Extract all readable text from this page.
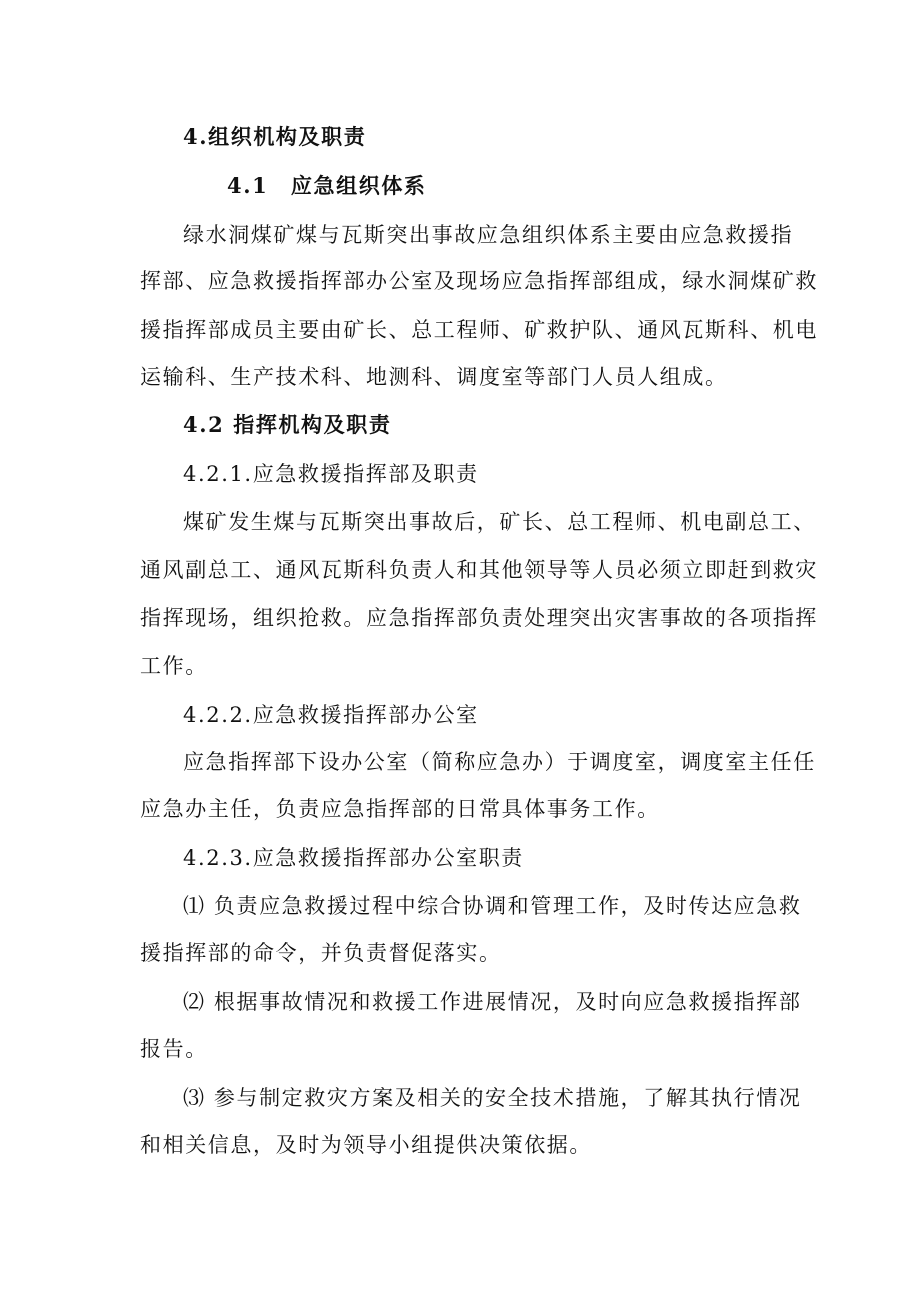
4.组织机构及职责
4.1　应急组织体系
绿水洞煤矿煤与瓦斯突出事故应急组织体系主要由应急救援指
挥部、应急救援指挥部办公室及现场应急指挥部组成，绿水洞煤矿救
援指挥部成员主要由矿长、总工程师、矿救护队、通风瓦斯科、机电
运输科、生产技术科、地测科、调度室等部门人员人组成。
4.2 指挥机构及职责
4.2.1.应急救援指挥部及职责
煤矿发生煤与瓦斯突出事故后，矿长、总工程师、机电副总工、
通风副总工、通风瓦斯科负责人和其他领导等人员必须立即赶到救灾
指挥现场，组织抢救。应急指挥部负责处理突出灾害事故的各项指挥
工作。
4.2.2.应急救援指挥部办公室
应急指挥部下设办公室（简称应急办）于调度室，调度室主任任
应急办主任，负责应急指挥部的日常具体事务工作。
4.2.3.应急救援指挥部办公室职责
⑴ 负责应急救援过程中综合协调和管理工作，及时传达应急救
援指挥部的命令，并负责督促落实。
⑵ 根据事故情况和救援工作进展情况，及时向应急救援指挥部
报告。
⑶ 参与制定救灾方案及相关的安全技术措施，了解其执行情况
和相关信息，及时为领导小组提供决策依据。
